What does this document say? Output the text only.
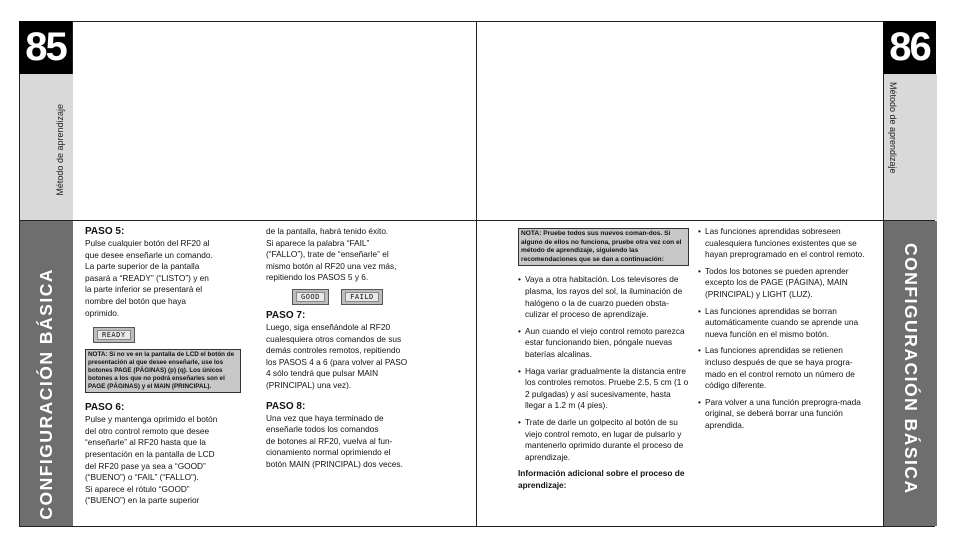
85
Método de aprendizaje
CONFIGURACIÓN BÁSICA
86
Método de aprendizaje
CONFIGURACIÓN BÁSICA

PASO 5:

Pulse cualquier botón del RF20 al

que desee enseñarle un comando.

La parte superior de la pantalla

pasará a “READY” (“LISTO”) y en

la parte inferior se presentará el

nombre del botón que haya

oprimido.

READY
NOTA: Si no ve en la pantalla de LCD el botón de presentación al que desee enseñarle, use los botones PAGE (PÁGINAS) (p) (q). Los únicos botones a los que no podrá enseñarles son el PAGE (PÁGINAS) y el MAIN (PRINCIPAL).

PASO 6:

Pulse y mantenga oprimido el botón

del otro control remoto que desee

“enseñarle” al RF20 hasta que la

presentación en la pantalla de LCD

del RF20 pase ya sea a “GOOD”

(“BUENO”) o “FAIL” (“FALLO”).

Si aparece el rótulo “GOOD”

(“BUENO”) en la parte superior

de la pantalla, habrá tenido éxito.

Si aparece la palabra “FAIL”

(“FALLO”), trate de “enseñarle” el

mismo botón al RF20 una vez más,

repitiendo los PASOS 5 y 6.

GOOD
	FAILD

PASO 7:

Luego, siga enseñándole al RF20

cualesquiera otros comandos de sus

demás controles remotos, repitiendo

los PASOS 4 a 6 (para volver al PASO

4 sólo tendrá que pulsar MAIN

(PRINCIPAL) una vez).

PASO 8:

Una vez que haya terminado de

enseñarle todos los comandos

de botones al RF20, vuelva al fun-

cionamiento normal oprimiendo el

botón MAIN (PRINCIPAL) dos veces.

NOTA: Pruebe todos sus nuevos coman-dos. Si alguno de ellos no funciona, pruebe otra vez con el método de aprendizaje, siguiendo las recomendaciones que se dan a continuación:
• Vaya a otra habitación. Los televisores de plasma, los rayos del sol, la iluminación de halógeno o la de cuarzo pueden obsta-culizar el proceso de aprendizaje.
• Aun cuando el viejo control remoto parezca estar funcionando bien, póngale nuevas baterías alcalinas.
• Haga variar gradualmente la distancia entre los controles remotos. Pruebe 2.5, 5 cm (1 o 2 pulgadas) y así sucesivamente, hasta llegar a 1.2 m (4 pies).
• Trate de darle un golpecito al botón de su viejo control remoto, en lugar de pulsarlo y mantenerlo oprimido durante el proceso de aprendizaje.

Información adicional sobre el proceso de aprendizaje:

• Las funciones aprendidas sobreseen cualesquiera funciones existentes que se hayan preprogramado en el control remoto.
• Todos los botones se pueden aprender excepto los de PAGE (PÁGINA), MAIN (PRINCIPAL) y LIGHT (LUZ).
• Las funciones aprendidas se borran automáticamente cuando se aprende una nueva función en el mismo botón.
• Las funciones aprendidas se retienen incluso después de que se haya progra-mado en el control remoto un número de código diferente.
• Para volver a una función preprogra-mada original, se deberá borrar una función aprendida.
